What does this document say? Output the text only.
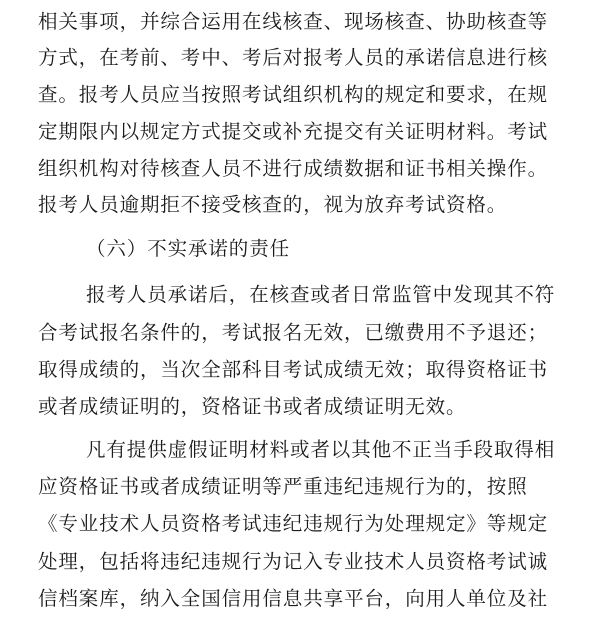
相关事项，并综合运用在线核查、现场核查、协助核查等
方式，在考前、考中、考后对报考人员的承诺信息进行核
查。报考人员应当按照考试组织机构的规定和要求，在规
定期限内以规定方式提交或补充提交有关证明材料。考试
组织机构对待核查人员不进行成绩数据和证书相关操作。
报考人员逾期拒不接受核查的，视为放弃考试资格。
（六）不实承诺的责任
报考人员承诺后，在核查或者日常监管中发现其不符
合考试报名条件的，考试报名无效，已缴费用不予退还；
取得成绩的，当次全部科目考试成绩无效；取得资格证书
或者成绩证明的，资格证书或者成绩证明无效。
凡有提供虚假证明材料或者以其他不正当手段取得相
应资格证书或者成绩证明等严重违纪违规行为的，按照
《专业技术人员资格考试违纪违规行为处理规定》等规定
处理，包括将违纪违规行为记入专业技术人员资格考试诚
信档案库，纳入全国信用信息共享平台，向用人单位及社
